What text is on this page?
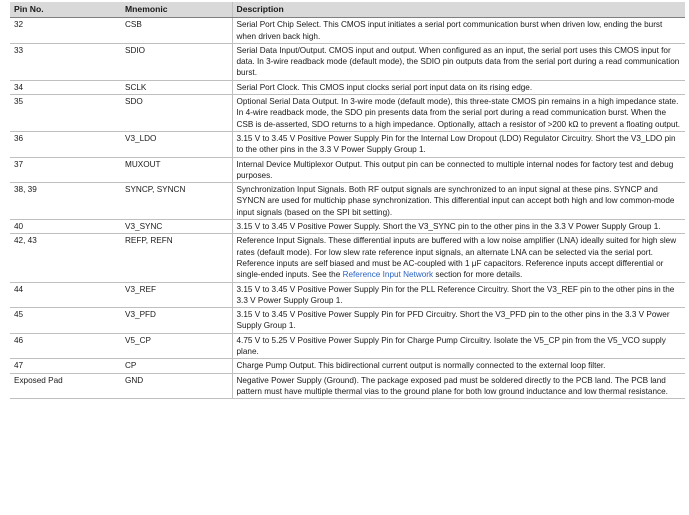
Pin No.	Mnemonic	Description
32	CSB	Serial Port Chip Select. This CMOS input initiates a serial port communication burst when driven low, ending the burst when driven back high.
33	SDIO	Serial Data Input/Output. CMOS input and output. When configured as an input, the serial port uses this CMOS input for data. In 3-wire readback mode (default mode), the SDIO pin outputs data from the serial port during a read communication burst.
34	SCLK	Serial Port Clock. This CMOS input clocks serial port input data on its rising edge.
35	SDO	Optional Serial Data Output. In 3-wire mode (default mode), this three-state CMOS pin remains in a high impedance state. In 4-wire readback mode, the SDO pin presents data from the serial port during a read communication burst. When the CSB is de-asserted, SDO returns to a high impedance. Optionally, attach a resistor of >200 kΩ to prevent a floating output.
36	V3_LDO	3.15 V to 3.45 V Positive Power Supply Pin for the Internal Low Dropout (LDO) Regulator Circuitry. Short the V3_LDO pin to the other pins in the 3.3 V Power Supply Group 1.
37	MUXOUT	Internal Device Multiplexor Output. This output pin can be connected to multiple internal nodes for factory test and debug purposes.
38, 39	SYNCP, SYNCN	Synchronization Input Signals. Both RF output signals are synchronized to an input signal at these pins. SYNCP and SYNCN are used for multichip phase synchronization. This differential input can accept both high and low common-mode input signals (based on the SPI bit setting).
40	V3_SYNC	3.15 V to 3.45 V Positive Power Supply. Short the V3_SYNC pin to the other pins in the 3.3 V Power Supply Group 1.
42, 43	REFP, REFN	Reference Input Signals. These differential inputs are buffered with a low noise amplifier (LNA) ideally suited for high slew rates (default mode). For low slew rate reference input signals, an alternate LNA can be selected via the serial port. Reference inputs are self biased and must be AC-coupled with 1 μF capacitors. Reference inputs accept differential or single-ended inputs. See the Reference Input Network section for more details.
44	V3_REF	3.15 V to 3.45 V Positive Power Supply Pin for the PLL Reference Circuitry. Short the V3_REF pin to the other pins in the 3.3 V Power Supply Group 1.
45	V3_PFD	3.15 V to 3.45 V Positive Power Supply Pin for PFD Circuitry. Short the V3_PFD pin to the other pins in the 3.3 V Power Supply Group 1.
46	V5_CP	4.75 V to 5.25 V Positive Power Supply Pin for Charge Pump Circuitry. Isolate the V5_CP pin from the V5_VCO supply plane.
47	CP	Charge Pump Output. This bidirectional current output is normally connected to the external loop filter.
Exposed Pad	GND	Negative Power Supply (Ground). The package exposed pad must be soldered directly to the PCB land. The PCB land pattern must have multiple thermal vias to the ground plane for both low ground inductance and low thermal resistance.
